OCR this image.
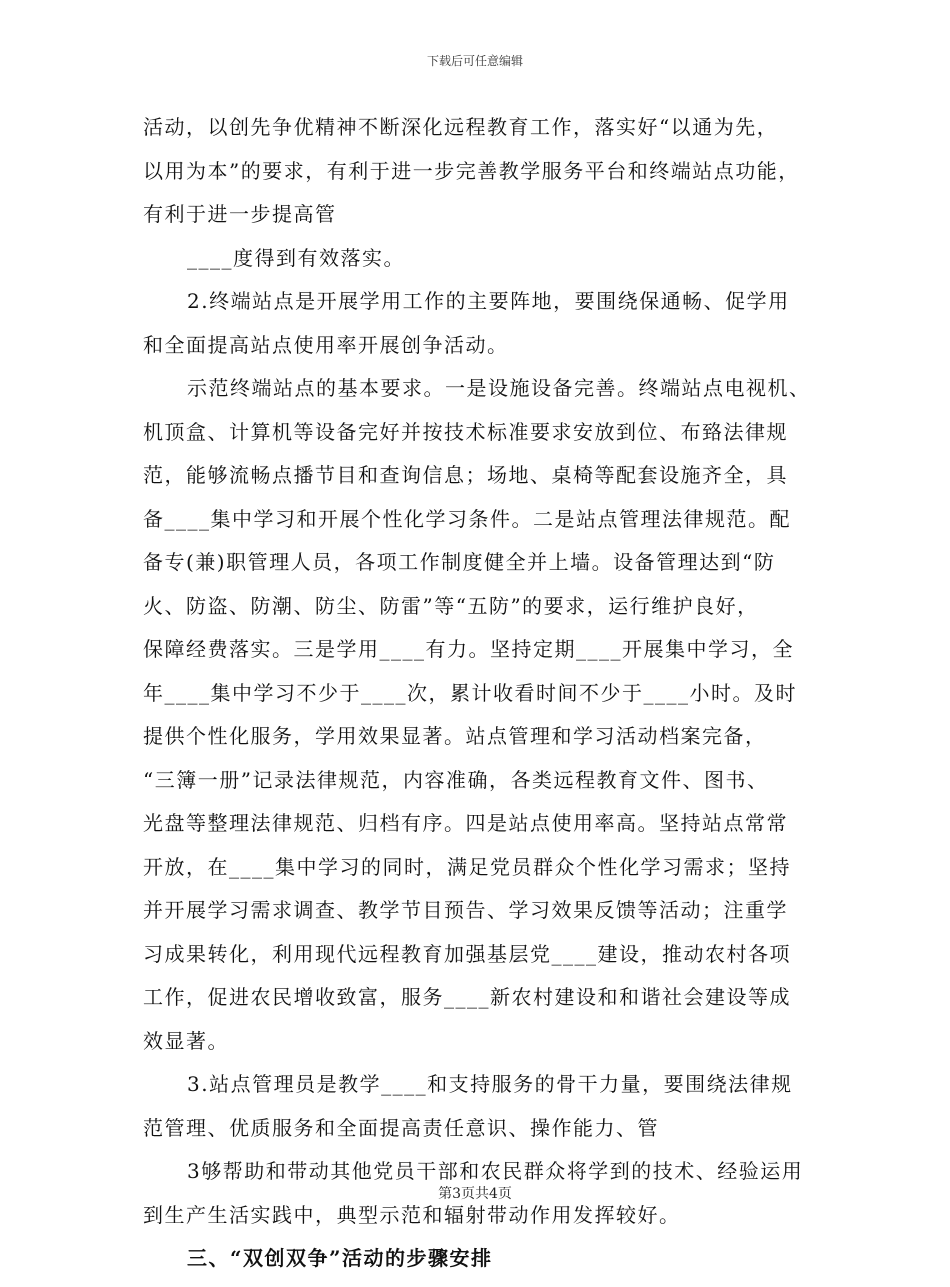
下载后可任意编辑
活动，以创先争优精神不断深化远程教育工作，落实好“以通为先，
以用为本”的要求，有利于进一步完善教学服务平台和终端站点功能，
有利于进一步提高管
____度得到有效落实。
2.终端站点是开展学用工作的主要阵地，要围绕保通畅、促学用
和全面提高站点使用率开展创争活动。
示范终端站点的基本要求。一是设施设备完善。终端站点电视机、
机顶盒、计算机等设备完好并按技术标准要求安放到位、布臵法律规
范，能够流畅点播节目和查询信息；场地、桌椅等配套设施齐全，具
备____集中学习和开展个性化学习条件。二是站点管理法律规范。配
备专(兼)职管理人员，各项工作制度健全并上墙。设备管理达到“防
火、防盗、防潮、防尘、防雷”等“五防”的要求，运行维护良好，
保障经费落实。三是学用____有力。坚持定期____开展集中学习，全
年____集中学习不少于____次，累计收看时间不少于____小时。及时
提供个性化服务，学用效果显著。站点管理和学习活动档案完备，
“三簿一册”记录法律规范，内容准确，各类远程教育文件、图书、
光盘等整理法律规范、归档有序。四是站点使用率高。坚持站点常常
开放，在____集中学习的同时，满足党员群众个性化学习需求；坚持
并开展学习需求调查、教学节目预告、学习效果反馈等活动；注重学
习成果转化，利用现代远程教育加强基层党____建设，推动农村各项
工作，促进农民增收致富，服务____新农村建设和和谐社会建设等成
效显著。
3.站点管理员是教学____和支持服务的骨干力量，要围绕法律规
范管理、优质服务和全面提高责任意识、操作能力、管
3够帮助和带动其他党员干部和农民群众将学到的技术、经验运用
到生产生活实践中，典型示范和辐射带动作用发挥较好。
三、“双创双争”活动的步骤安排
第3页共4页
